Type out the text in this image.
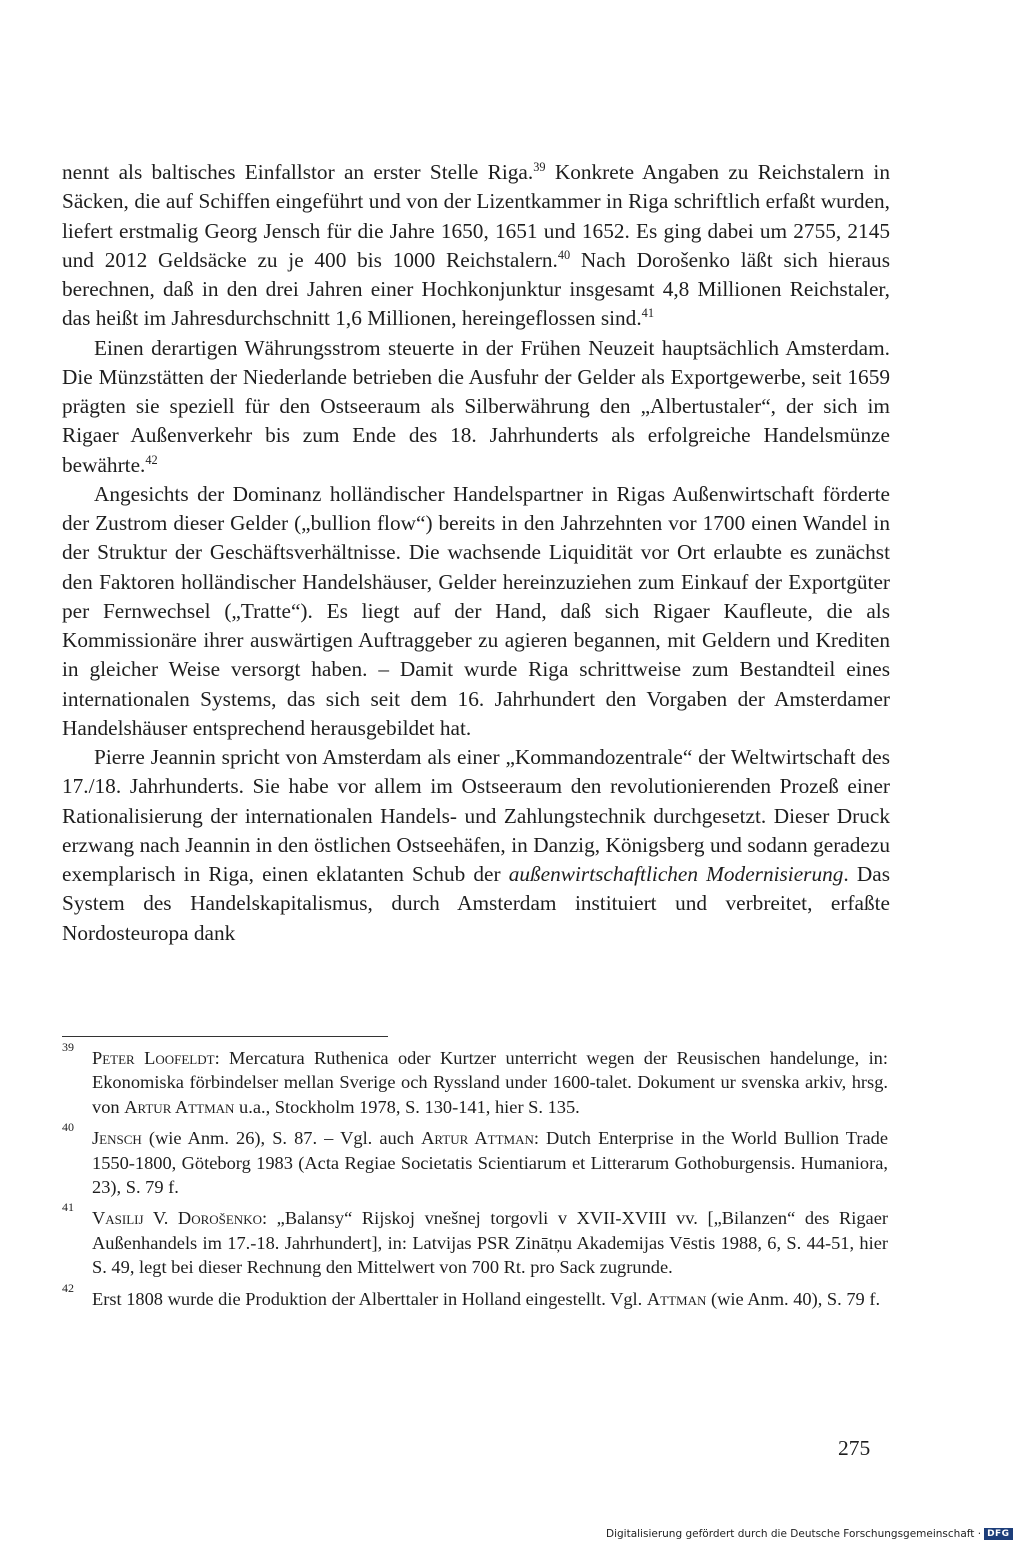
nennt als baltisches Einfallstor an erster Stelle Riga.$^{39}$ Konkrete Angaben zu Reichstalern in Säcken, die auf Schiffen eingeführt und von der Lizentkammer in Riga schriftlich erfaßt wurden, liefert erstmalig Georg Jensch für die Jahre 1650, 1651 und 1652. Es ging dabei um 2755, 2145 und 2012 Geldsäcke zu je 400 bis 1000 Reichstalern.$^{40}$ Nach Dorošenko läßt sich hieraus berechnen, daß in den drei Jahren einer Hochkonjunktur insgesamt 4,8 Millionen Reichstaler, das heißt im Jahresdurchschnitt 1,6 Millionen, hereingeflossen sind.$^{41}$

Einen derartigen Währungsstrom steuerte in der Frühen Neuzeit hauptsächlich Amsterdam. Die Münzstätten der Niederlande betrieben die Ausfuhr der Gelder als Exportgewerbe, seit 1659 prägten sie speziell für den Ostseeraum als Silberwährung den „Albertustaler“, der sich im Rigaer Außenverkehr bis zum Ende des 18. Jahrhunderts als erfolgreiche Handelsmünze bewährte.$^{42}$

Angesichts der Dominanz holländischer Handelspartner in Rigas Außenwirtschaft förderte der Zustrom dieser Gelder („bullion flow“) bereits in den Jahrzehnten vor 1700 einen Wandel in der Struktur der Geschäftsverhältnisse. Die wachsende Liquidität vor Ort erlaubte es zunächst den Faktoren holländischer Handelshäuser, Gelder hereinzuziehen zum Einkauf der Exportgüter per Fernwechsel („Tratte“). Es liegt auf der Hand, daß sich Rigaer Kaufleute, die als Kommissionäre ihrer auswärtigen Auftraggeber zu agieren begannen, mit Geldern und Krediten in gleicher Weise versorgt haben. – Damit wurde Riga schrittweise zum Bestandteil eines internationalen Systems, das sich seit dem 16. Jahrhundert den Vorgaben der Amsterdamer Handelshäuser entsprechend herausgebildet hat.

Pierre Jeannin spricht von Amsterdam als einer „Kommandozentrale“ der Weltwirtschaft des 17./18. Jahrhunderts. Sie habe vor allem im Ostseeraum den revolutionierenden Prozeß einer Rationalisierung der internationalen Handels- und Zahlungstechnik durchgesetzt. Dieser Druck erzwang nach Jeannin in den östlichen Ostseehäfen, in Danzig, Königsberg und sodann geradezu exemplarisch in Riga, einen eklatanten Schub der außenwirtschaftlichen Modernisierung. Das System des Handelskapitalismus, durch Amsterdam instituiert und verbreitet, erfaßte Nordosteuropa dank

39
Peter Loofeldt: Mercatura Ruthenica oder Kurtzer unterricht wegen der Reusischen handelunge, in: Ekonomiska förbindelser mellan Sverige och Ryssland under 1600-talet. Dokument ur svenska arkiv, hrsg. von Artur Attman u.a., Stockholm 1978, S. 130-141, hier S. 135.
40
Jensch (wie Anm. 26), S. 87. – Vgl. auch Artur Attman: Dutch Enterprise in the World Bullion Trade 1550-1800, Göteborg 1983 (Acta Regiae Societatis Scientiarum et Litterarum Gothoburgensis. Humaniora, 23), S. 79 f.
41
Vasilij V. Dorošenko: „Balansy“ Rijskoj vnešnej torgovli v XVII-XVIII vv. [„Bilanzen“ des Rigaer Außenhandels im 17.-18. Jahrhundert], in: Latvijas PSR Zinātņu Akademijas Vēstis 1988, 6, S. 44-51, hier S. 49, legt bei dieser Rechnung den Mittelwert von 700 Rt. pro Sack zugrunde.
42
Erst 1808 wurde die Produktion der Alberttaler in Holland eingestellt. Vgl. Attman (wie Anm. 40), S. 79 f.
275
Digitalisierung gefördert durch die Deutsche Forschungsgemeinschaft · DFG
